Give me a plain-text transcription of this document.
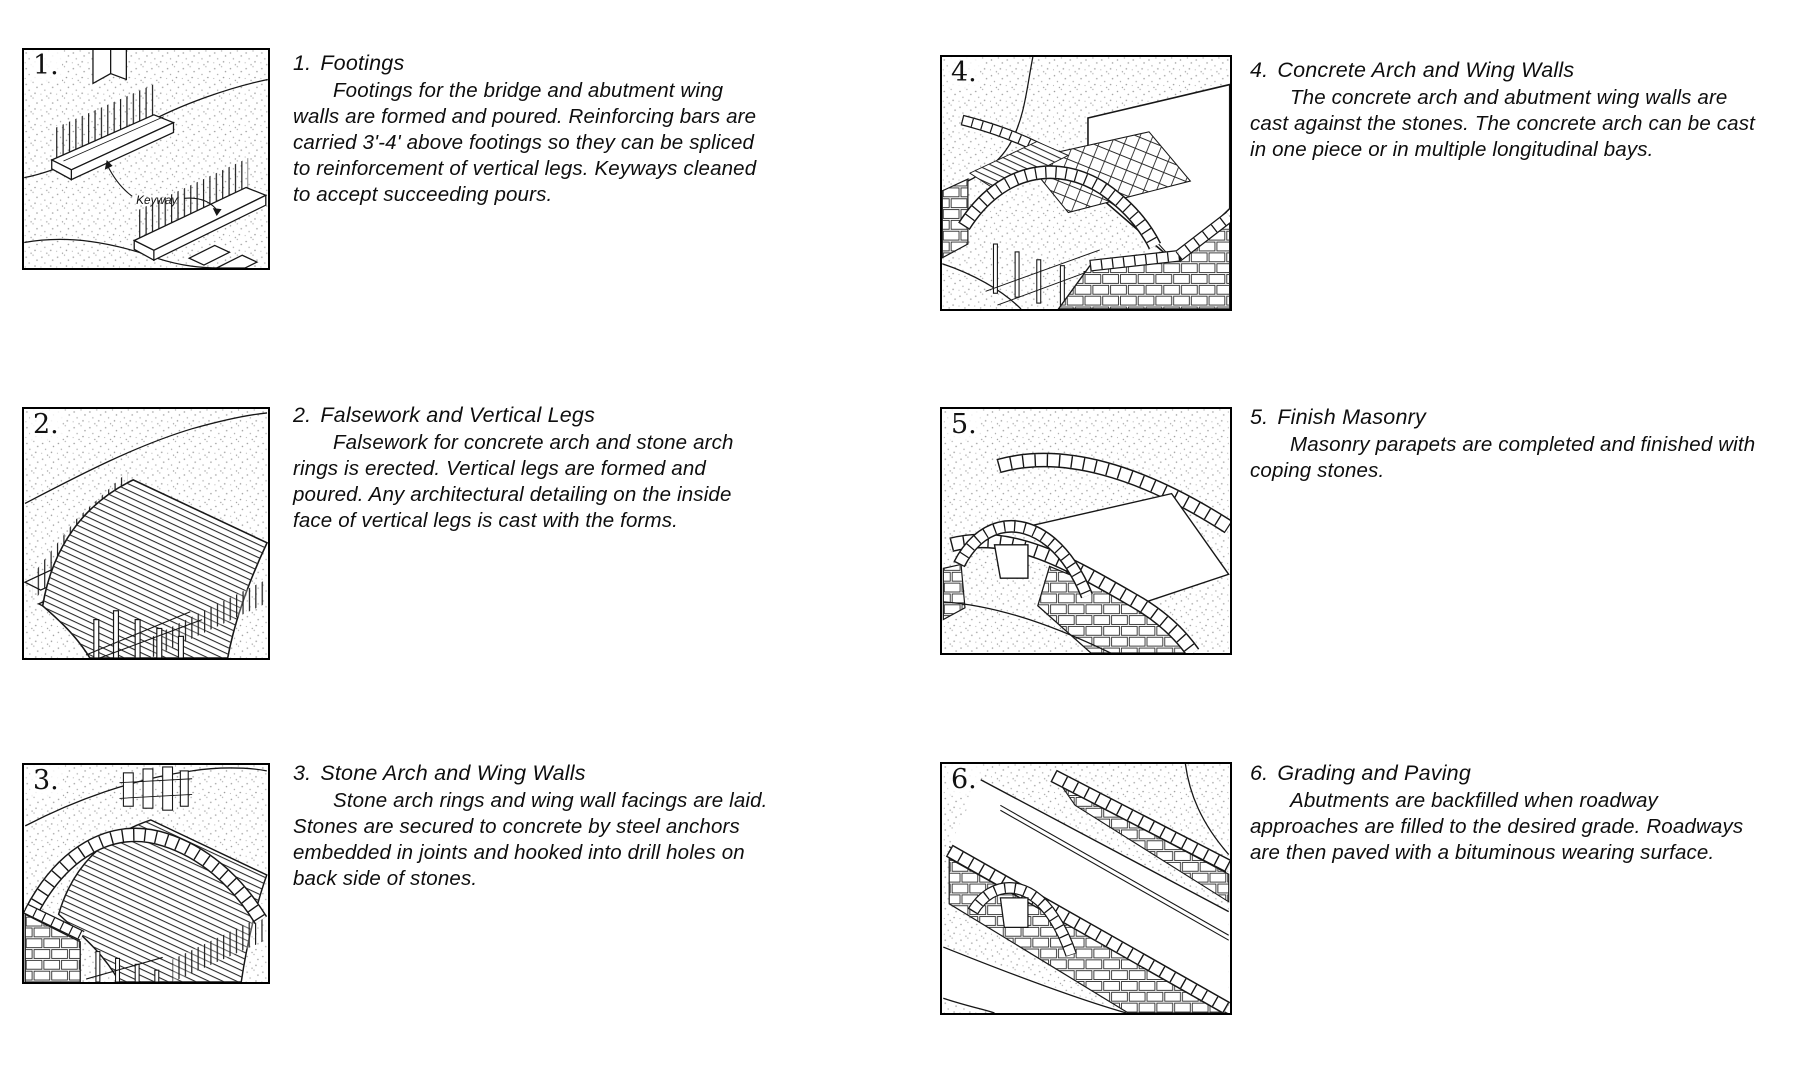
1.
Keyway
1. Footings

Footings for the bridge and abutment wing walls are formed and poured. Reinforcing bars are carried 3'-4' above footings so they can be spliced to reinforcement of vertical legs. Keyways cleaned to accept succeeding pours.

2.	2. Falsework and Vertical Legs

Falsework for concrete arch and stone arch rings is erected. Vertical legs are formed and poured. Any architectural detailing on the inside face of vertical legs is cast with the forms.

3.	3. Stone Arch and Wing Walls

Stone arch rings and wing wall facings are laid. Stones are secured to concrete by steel anchors embedded in joints and hooked into drill holes on back side of stones.

4.	4. Concrete Arch and Wing Walls

The concrete arch and abutment wing walls are cast against the stones. The concrete arch can be cast in one piece or in multiple longitudinal bays.

5.	5. Finish Masonry

Masonry parapets are completed and finished with coping stones.

6.	6. Grading and Paving

Abutments are backfilled when roadway approaches are filled to the desired grade. Roadways are then paved with a bituminous wearing surface.
